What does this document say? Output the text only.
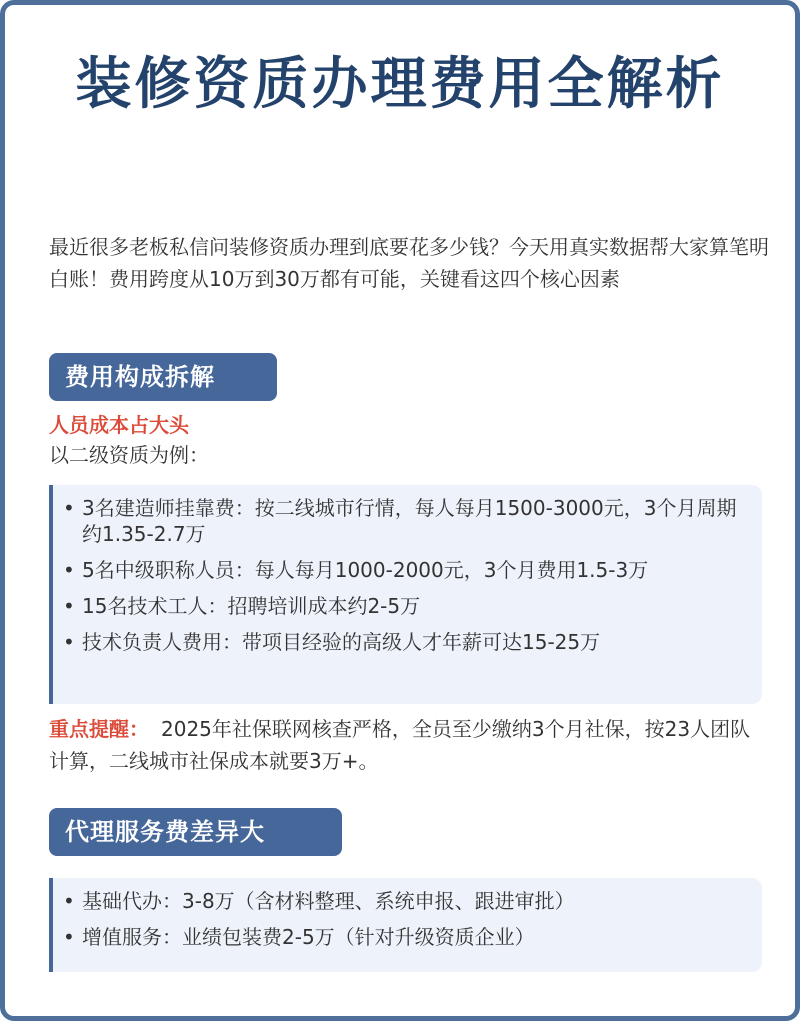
装修资质办理费用全解析
最近很多老板私信问装修资质办理到底要花多少钱？今天用真实数据帮大家算笔明白账！费用跨度从10万到30万都有可能，关键看这四个核心因素
费用构成拆解
人员成本占大头
以二级资质为例：
• 3名建造师挂靠费：按二线城市行情，每人每月1500-3000元，3个月周期约1.35-2.7万
• 5名中级职称人员：每人每月1000-2000元，3个月费用1.5-3万
• 15名技术工人：招聘培训成本约2-5万
• 技术负责人费用：带项目经验的高级人才年薪可达15-25万
重点提醒： 2025年社保联网核查严格，全员至少缴纳3个月社保，按23人团队计算，二线城市社保成本就要3万+。
代理服务费差异大
• 基础代办：3-8万（含材料整理、系统申报、跟进审批）
• 增值服务：业绩包装费2-5万（针对升级资质企业）
